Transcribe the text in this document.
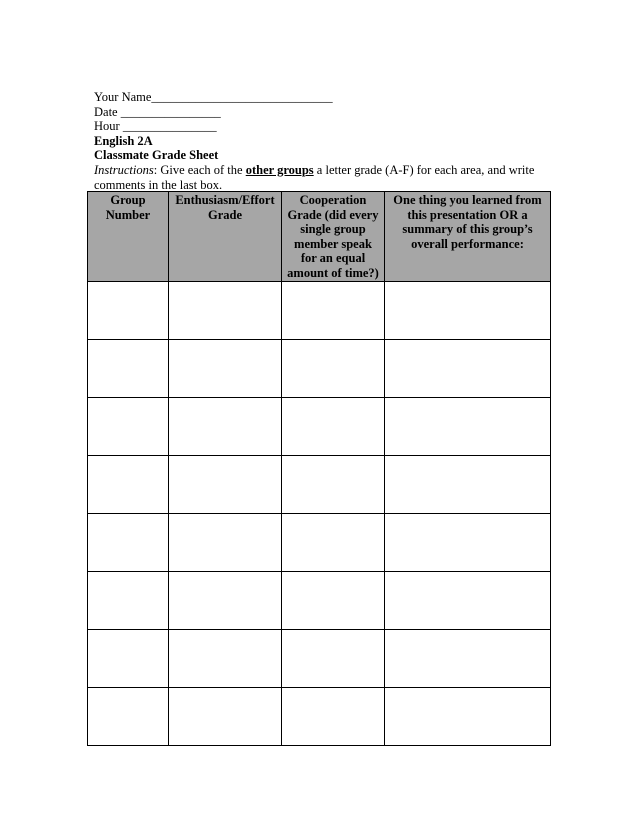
Your Name_____________________________
Date ________________
Hour _______________
English 2A
Classmate Grade Sheet
Instructions: Give each of the other groups a letter grade (A-F) for each area, and write comments in the last box.
Group Number	Enthusiasm/Effort Grade	Cooperation Grade (did every single group member speak for an equal amount of time?)	One thing you learned from this presentation OR a summary of this group’s overall performance:
